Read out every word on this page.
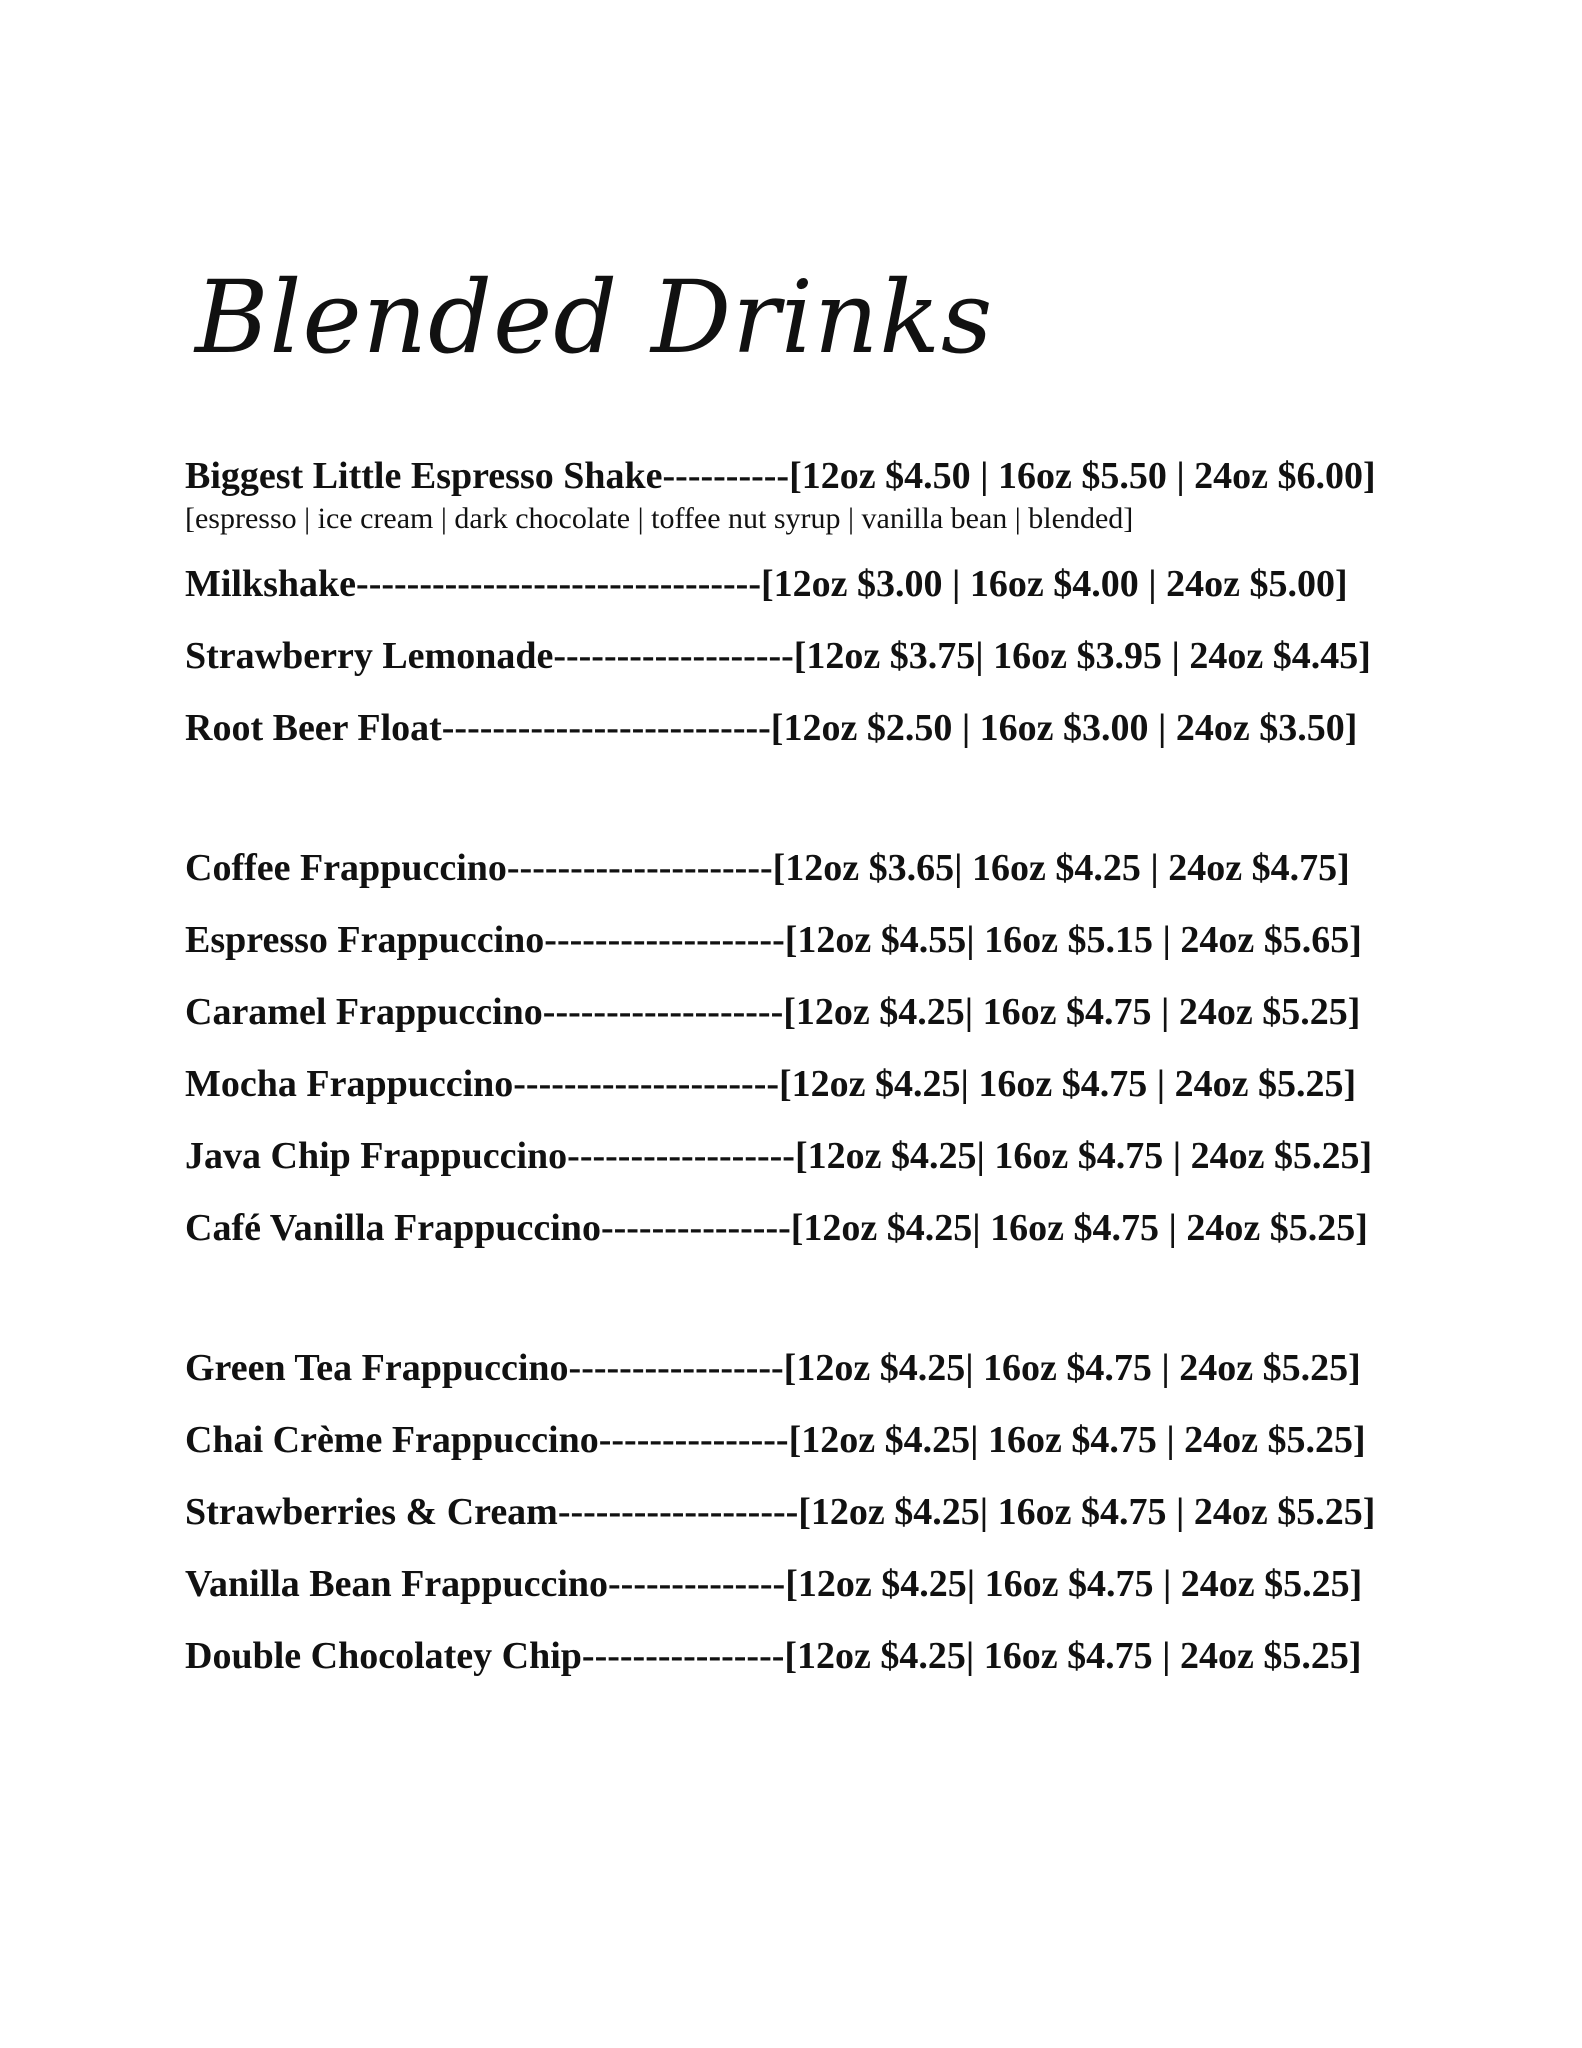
Blended Drinks
Biggest Little Espresso Shake----------[12oz $4.50 | 16oz $5.50 | 24oz $6.00]
[espresso | ice cream | dark chocolate | toffee nut syrup | vanilla bean | blended]
Milkshake--------------------------------[12oz $3.00 | 16oz $4.00 | 24oz $5.00]
Strawberry Lemonade-------------------[12oz $3.75| 16oz $3.95 | 24oz $4.45]
Root Beer Float--------------------------[12oz $2.50 | 16oz $3.00 | 24oz $3.50]
Coffee Frappuccino---------------------[12oz $3.65| 16oz $4.25 | 24oz $4.75]
Espresso Frappuccino-------------------[12oz $4.55| 16oz $5.15 | 24oz $5.65]
Caramel Frappuccino-------------------[12oz $4.25| 16oz $4.75 | 24oz $5.25]
Mocha Frappuccino---------------------[12oz $4.25| 16oz $4.75 | 24oz $5.25]
Java Chip Frappuccino------------------[12oz $4.25| 16oz $4.75 | 24oz $5.25]
Café Vanilla Frappuccino---------------[12oz $4.25| 16oz $4.75 | 24oz $5.25]
Green Tea Frappuccino-----------------[12oz $4.25| 16oz $4.75 | 24oz $5.25]
Chai Crème Frappuccino---------------[12oz $4.25| 16oz $4.75 | 24oz $5.25]
Strawberries & Cream-------------------[12oz $4.25| 16oz $4.75 | 24oz $5.25]
Vanilla Bean Frappuccino--------------[12oz $4.25| 16oz $4.75 | 24oz $5.25]
Double Chocolatey Chip----------------[12oz $4.25| 16oz $4.75 | 24oz $5.25]
